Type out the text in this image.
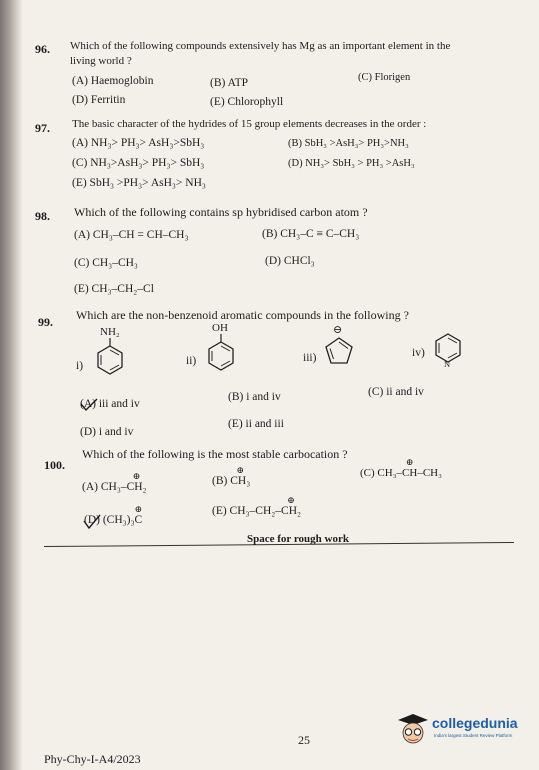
96. Which of the following compounds extensively has Mg as an important element in the
living world ?
(A) Haemoglobin	(B) ATP	(C) Florigen
(D) Ferritin	(E) Chlorophyll
97. The basic character of the hydrides of 15 group elements decreases in the order :
(A) NH₃> PH₃> AsH₃>SbH₃	(B) SbH₃ >AsH₃> PH₃>NH₃
(C) NH₃>AsH₃> PH₃> SbH₃	(D) NH₃> SbH₃ > PH₃ >AsH₃
(E) SbH₃ >PH₃> AsH₃> NH₃
98. Which of the following contains sp hybridised carbon atom ?
(A) CH₃–CH = CH–CH₃	(B) CH₃–C ≡ C–CH₃
(C) CH₃–CH₃	(D) CHCl₃
(E) CH₃–CH₂–Cl
99. Which are the non-benzenoid aromatic compounds in the following ?
i)
NH₂
ii)
OH
iii)
⊖
iv)
N
(A) iii and iv
(B) i and iv	(C) ii and iv
(D) i and iv
(E) ii and iii
100.
Which of the following is the most stable carbocation ?
(A) CH₃–
⊕
CH₂	(B)
⊕
CH₃
(C) CH₃–
⊕
CH–CH₃
(D) (CH₃)₃
⊕
C
(E) CH₃–CH₂–
⊕
CH₂
Space for rough work
25
Phy-Chy-I-A4/2023
collegedunia
India's largest Student Review Platform
